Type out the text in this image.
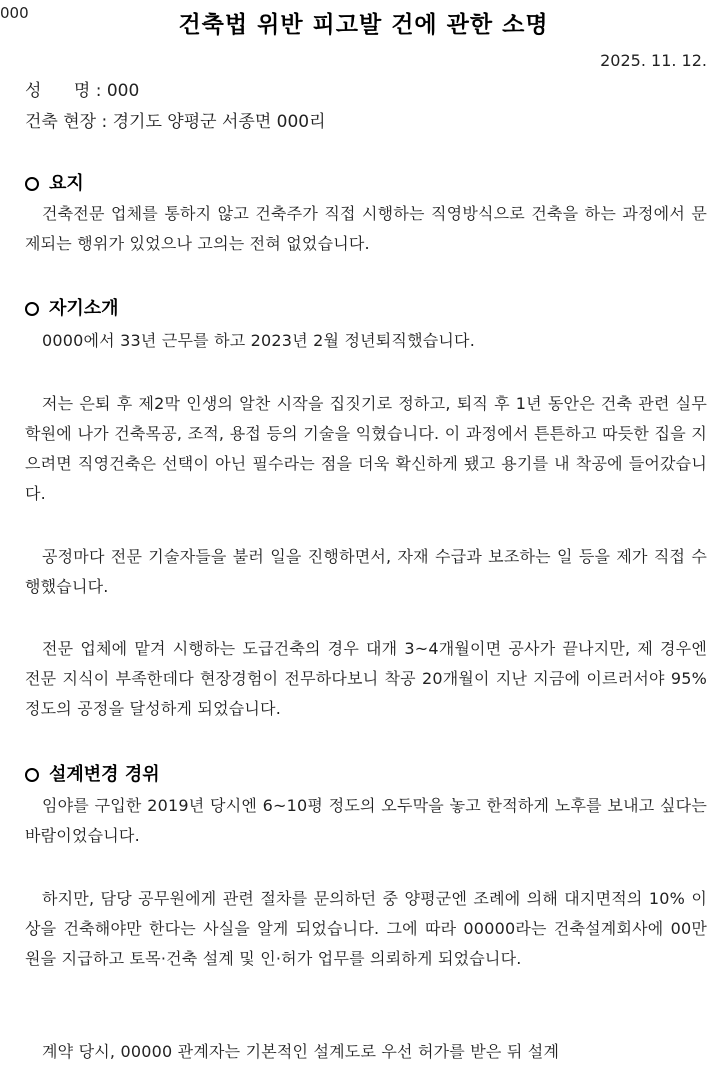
000	건축법 위반 피고발 건에 관한 소명
2025. 11. 12.
성      명 : 000
건축 현장 : 경기도 양평군 서종면 000리
요지
건축전문 업체를 통하지 않고 건축주가 직접 시행하는 직영방식으로 건축을 하는 과정에서 문제되는 행위가 있었으나 고의는 전혀 없었습니다.
자기소개
0000에서 33년 근무를 하고 2023년 2월 정년퇴직했습니다.
저는 은퇴 후 제2막 인생의 알찬 시작을 집짓기로 정하고, 퇴직 후 1년 동안은 건축 관련 실무학원에 나가 건축목공, 조적, 용접 등의 기술을 익혔습니다. 이 과정에서 튼튼하고 따듯한 집을 지으려면 직영건축은 선택이 아닌 필수라는 점을 더욱 확신하게 됐고 용기를 내 착공에 들어갔습니다.
공정마다 전문 기술자들을 불러 일을 진행하면서, 자재 수급과 보조하는 일 등을 제가 직접 수행했습니다.
전문 업체에 맡겨 시행하는 도급건축의 경우 대개 3~4개월이면 공사가 끝나지만, 제 경우엔 전문 지식이 부족한데다 현장경험이 전무하다보니 착공 20개월이 지난 지금에 이르러서야 95% 정도의 공정을 달성하게 되었습니다.
설계변경 경위
임야를 구입한 2019년 당시엔 6~10평 정도의 오두막을 놓고 한적하게 노후를 보내고 싶다는 바람이었습니다.
하지만, 담당 공무원에게 관련 절차를 문의하던 중 양평군엔 조례에 의해 대지면적의 10% 이상을 건축해야만 한다는 사실을 알게 되었습니다. 그에 따라 00000라는 건축설계회사에 00만 원을 지급하고 토목·건축 설계 및 인·허가 업무를 의뢰하게 되었습니다.
계약 당시, 00000 관계자는 기본적인 설계도로 우선 허가를 받은 뒤 설계
